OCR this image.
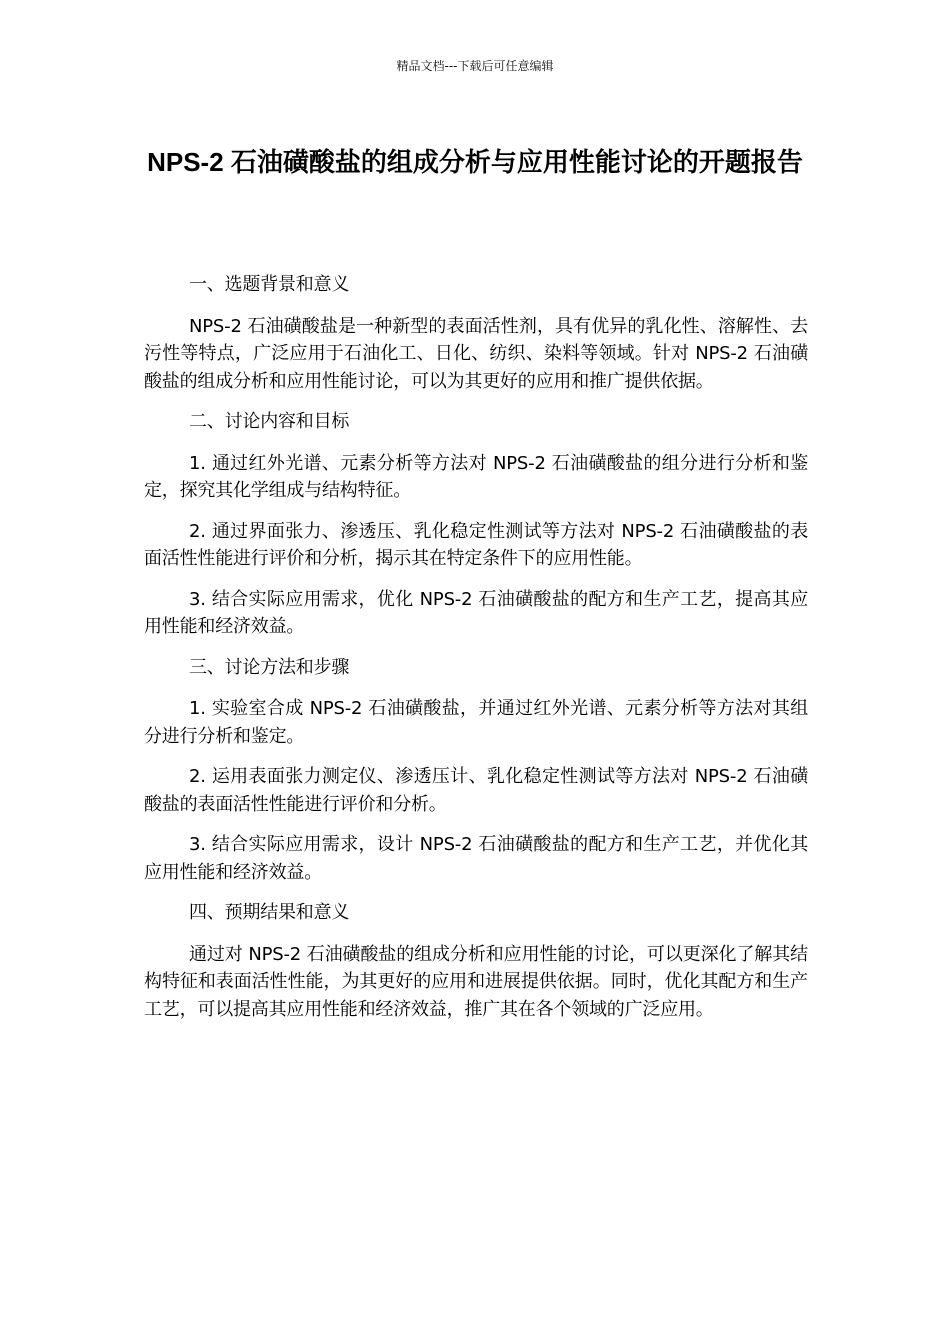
精品文档---下载后可任意编辑
NPS-2 石油磺酸盐的组成分析与应用性能讨论的开题报告

一、选题背景和意义

NPS-2 石油磺酸盐是一种新型的表面活性剂，具有优异的乳化性、溶解性、去污性等特点，广泛应用于石油化工、日化、纺织、染料等领域。针对 NPS-2 石油磺酸盐的组成分析和应用性能讨论，可以为其更好的应用和推广提供依据。

二、讨论内容和目标

1. 通过红外光谱、元素分析等方法对 NPS-2 石油磺酸盐的组分进行分析和鉴定，探究其化学组成与结构特征。

2. 通过界面张力、渗透压、乳化稳定性测试等方法对 NPS-2 石油磺酸盐的表面活性性能进行评价和分析，揭示其在特定条件下的应用性能。

3. 结合实际应用需求，优化 NPS-2 石油磺酸盐的配方和生产工艺，提高其应用性能和经济效益。

三、讨论方法和步骤

1. 实验室合成 NPS-2 石油磺酸盐，并通过红外光谱、元素分析等方法对其组分进行分析和鉴定。

2. 运用表面张力测定仪、渗透压计、乳化稳定性测试等方法对 NPS-2 石油磺酸盐的表面活性性能进行评价和分析。

3. 结合实际应用需求，设计 NPS-2 石油磺酸盐的配方和生产工艺，并优化其应用性能和经济效益。

四、预期结果和意义

通过对 NPS-2 石油磺酸盐的组成分析和应用性能的讨论，可以更深化了解其结构特征和表面活性性能，为其更好的应用和进展提供依据。同时，优化其配方和生产工艺，可以提高其应用性能和经济效益，推广其在各个领域的广泛应用。
